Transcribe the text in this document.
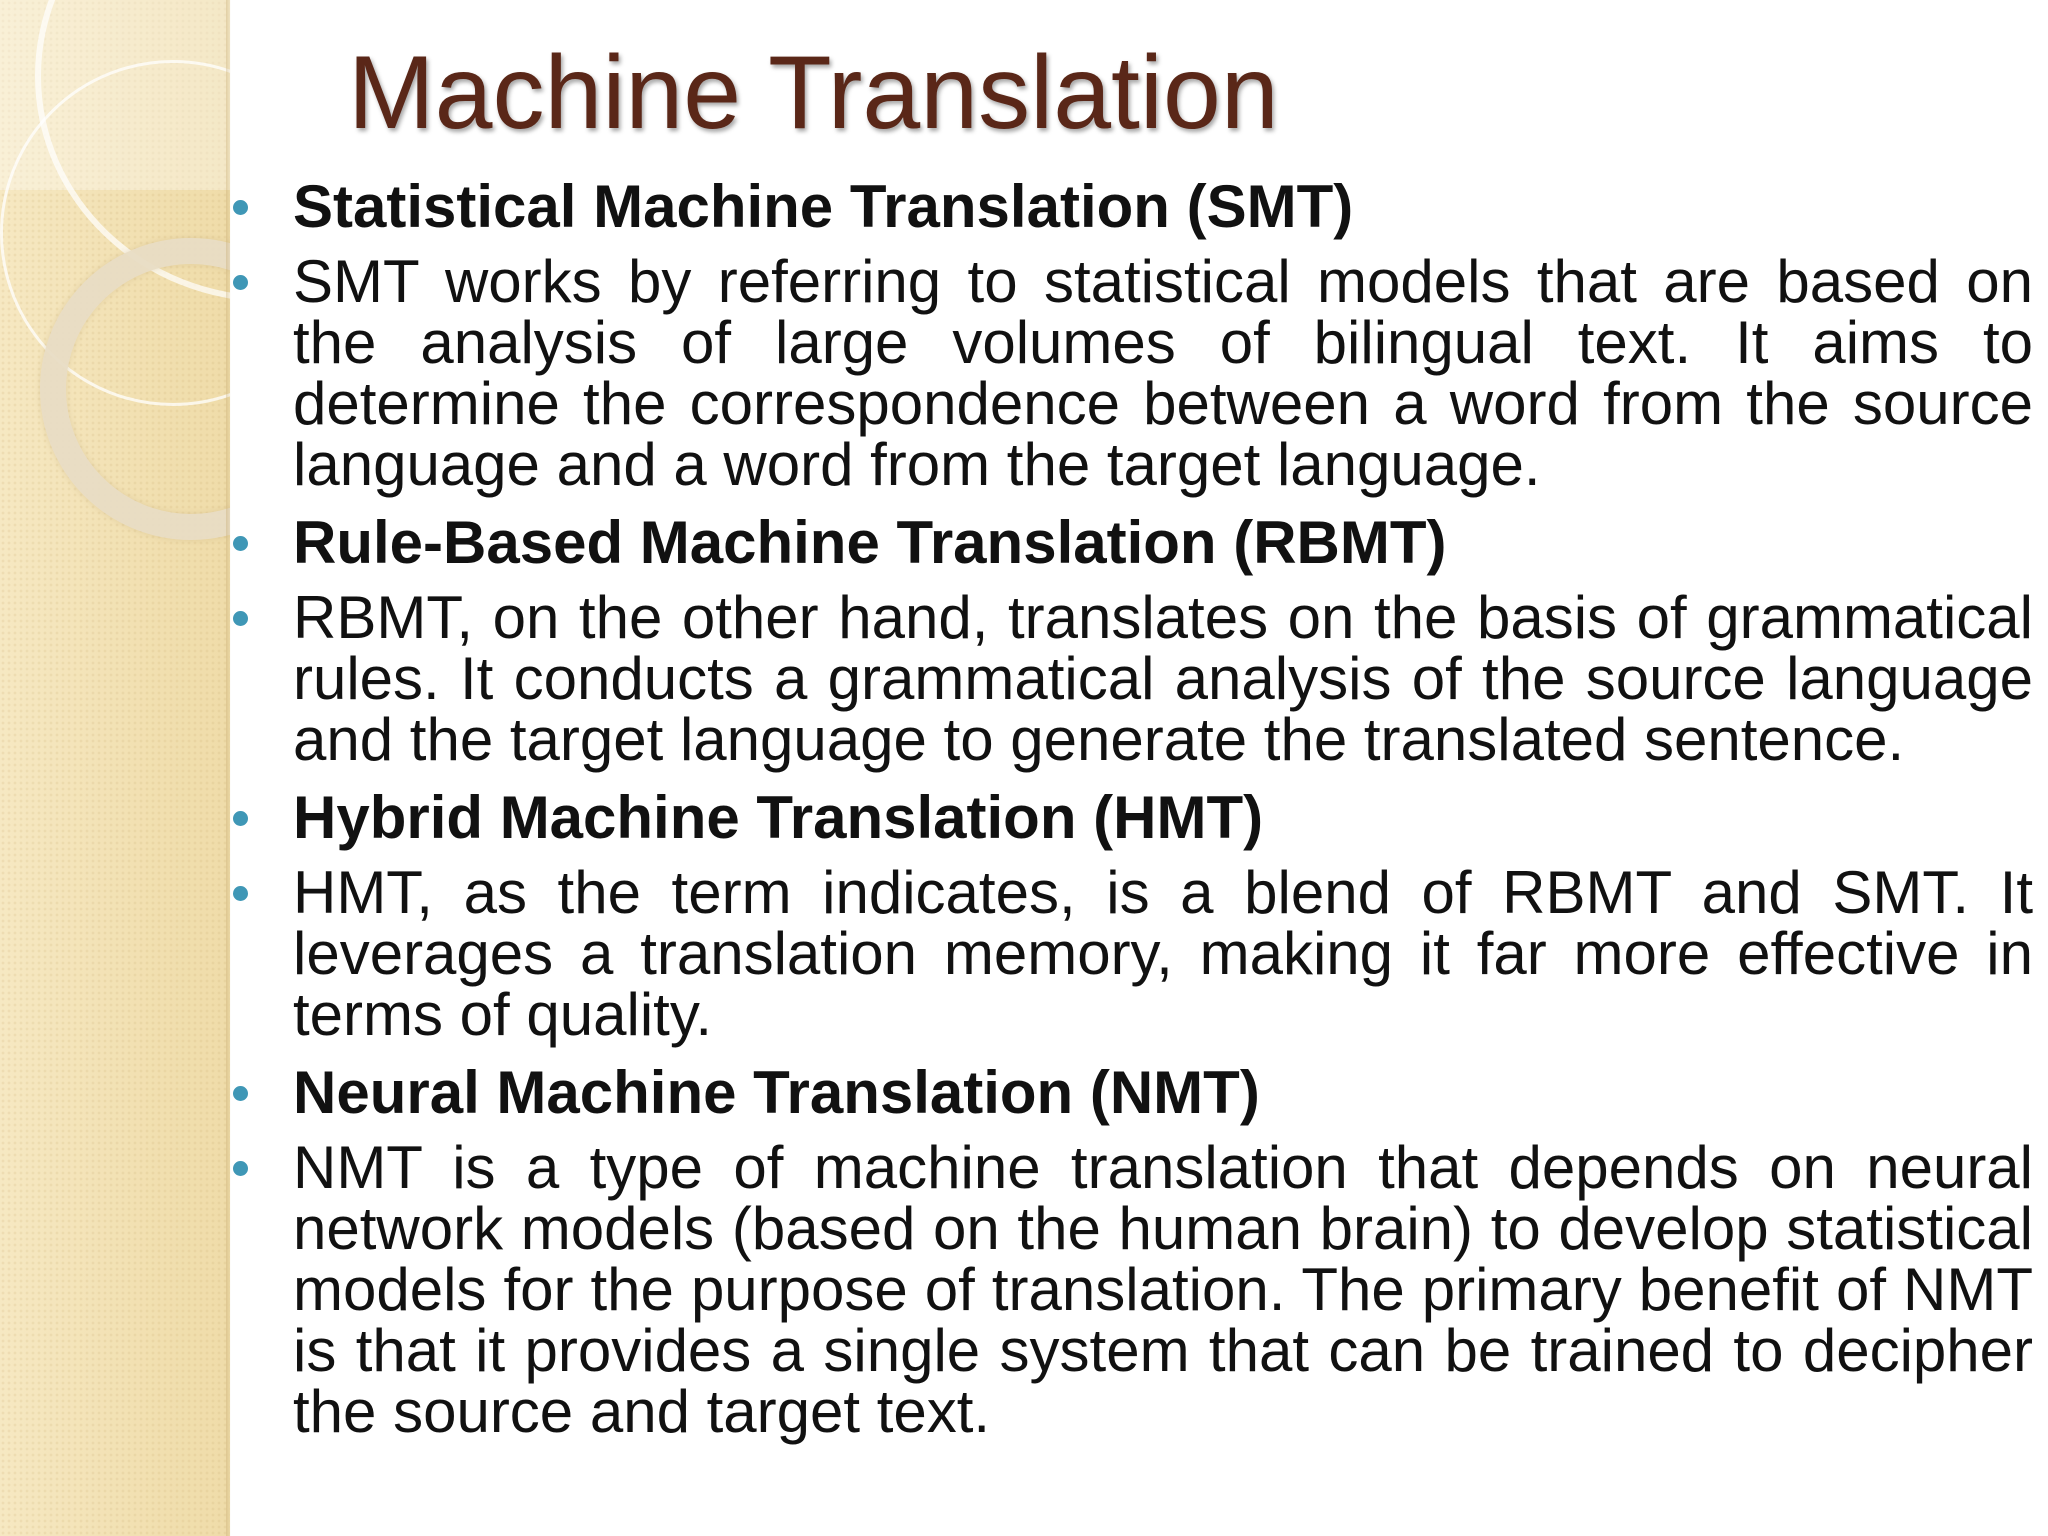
Machine Translation
Statistical Machine Translation (SMT)
SMT works by referring to statistical models that are based on the analysis of large volumes of bilingual text. It aims to determine the correspondence between a word from the source language and a word from the target language.
Rule-Based Machine Translation (RBMT)
RBMT, on the other hand, translates on the basis of grammatical rules. It conducts a grammatical analysis of the source language and the target language to generate the translated sentence.
Hybrid Machine Translation (HMT)
HMT, as the term indicates, is a blend of RBMT and SMT. It leverages a translation memory, making it far more effective in terms of quality.
Neural Machine Translation (NMT)
NMT is a type of machine translation that depends on neural network models (based on the human brain) to develop statistical models for the purpose of translation. The primary benefit of NMT is that it provides a single system that can be trained to decipher the source and target text.
